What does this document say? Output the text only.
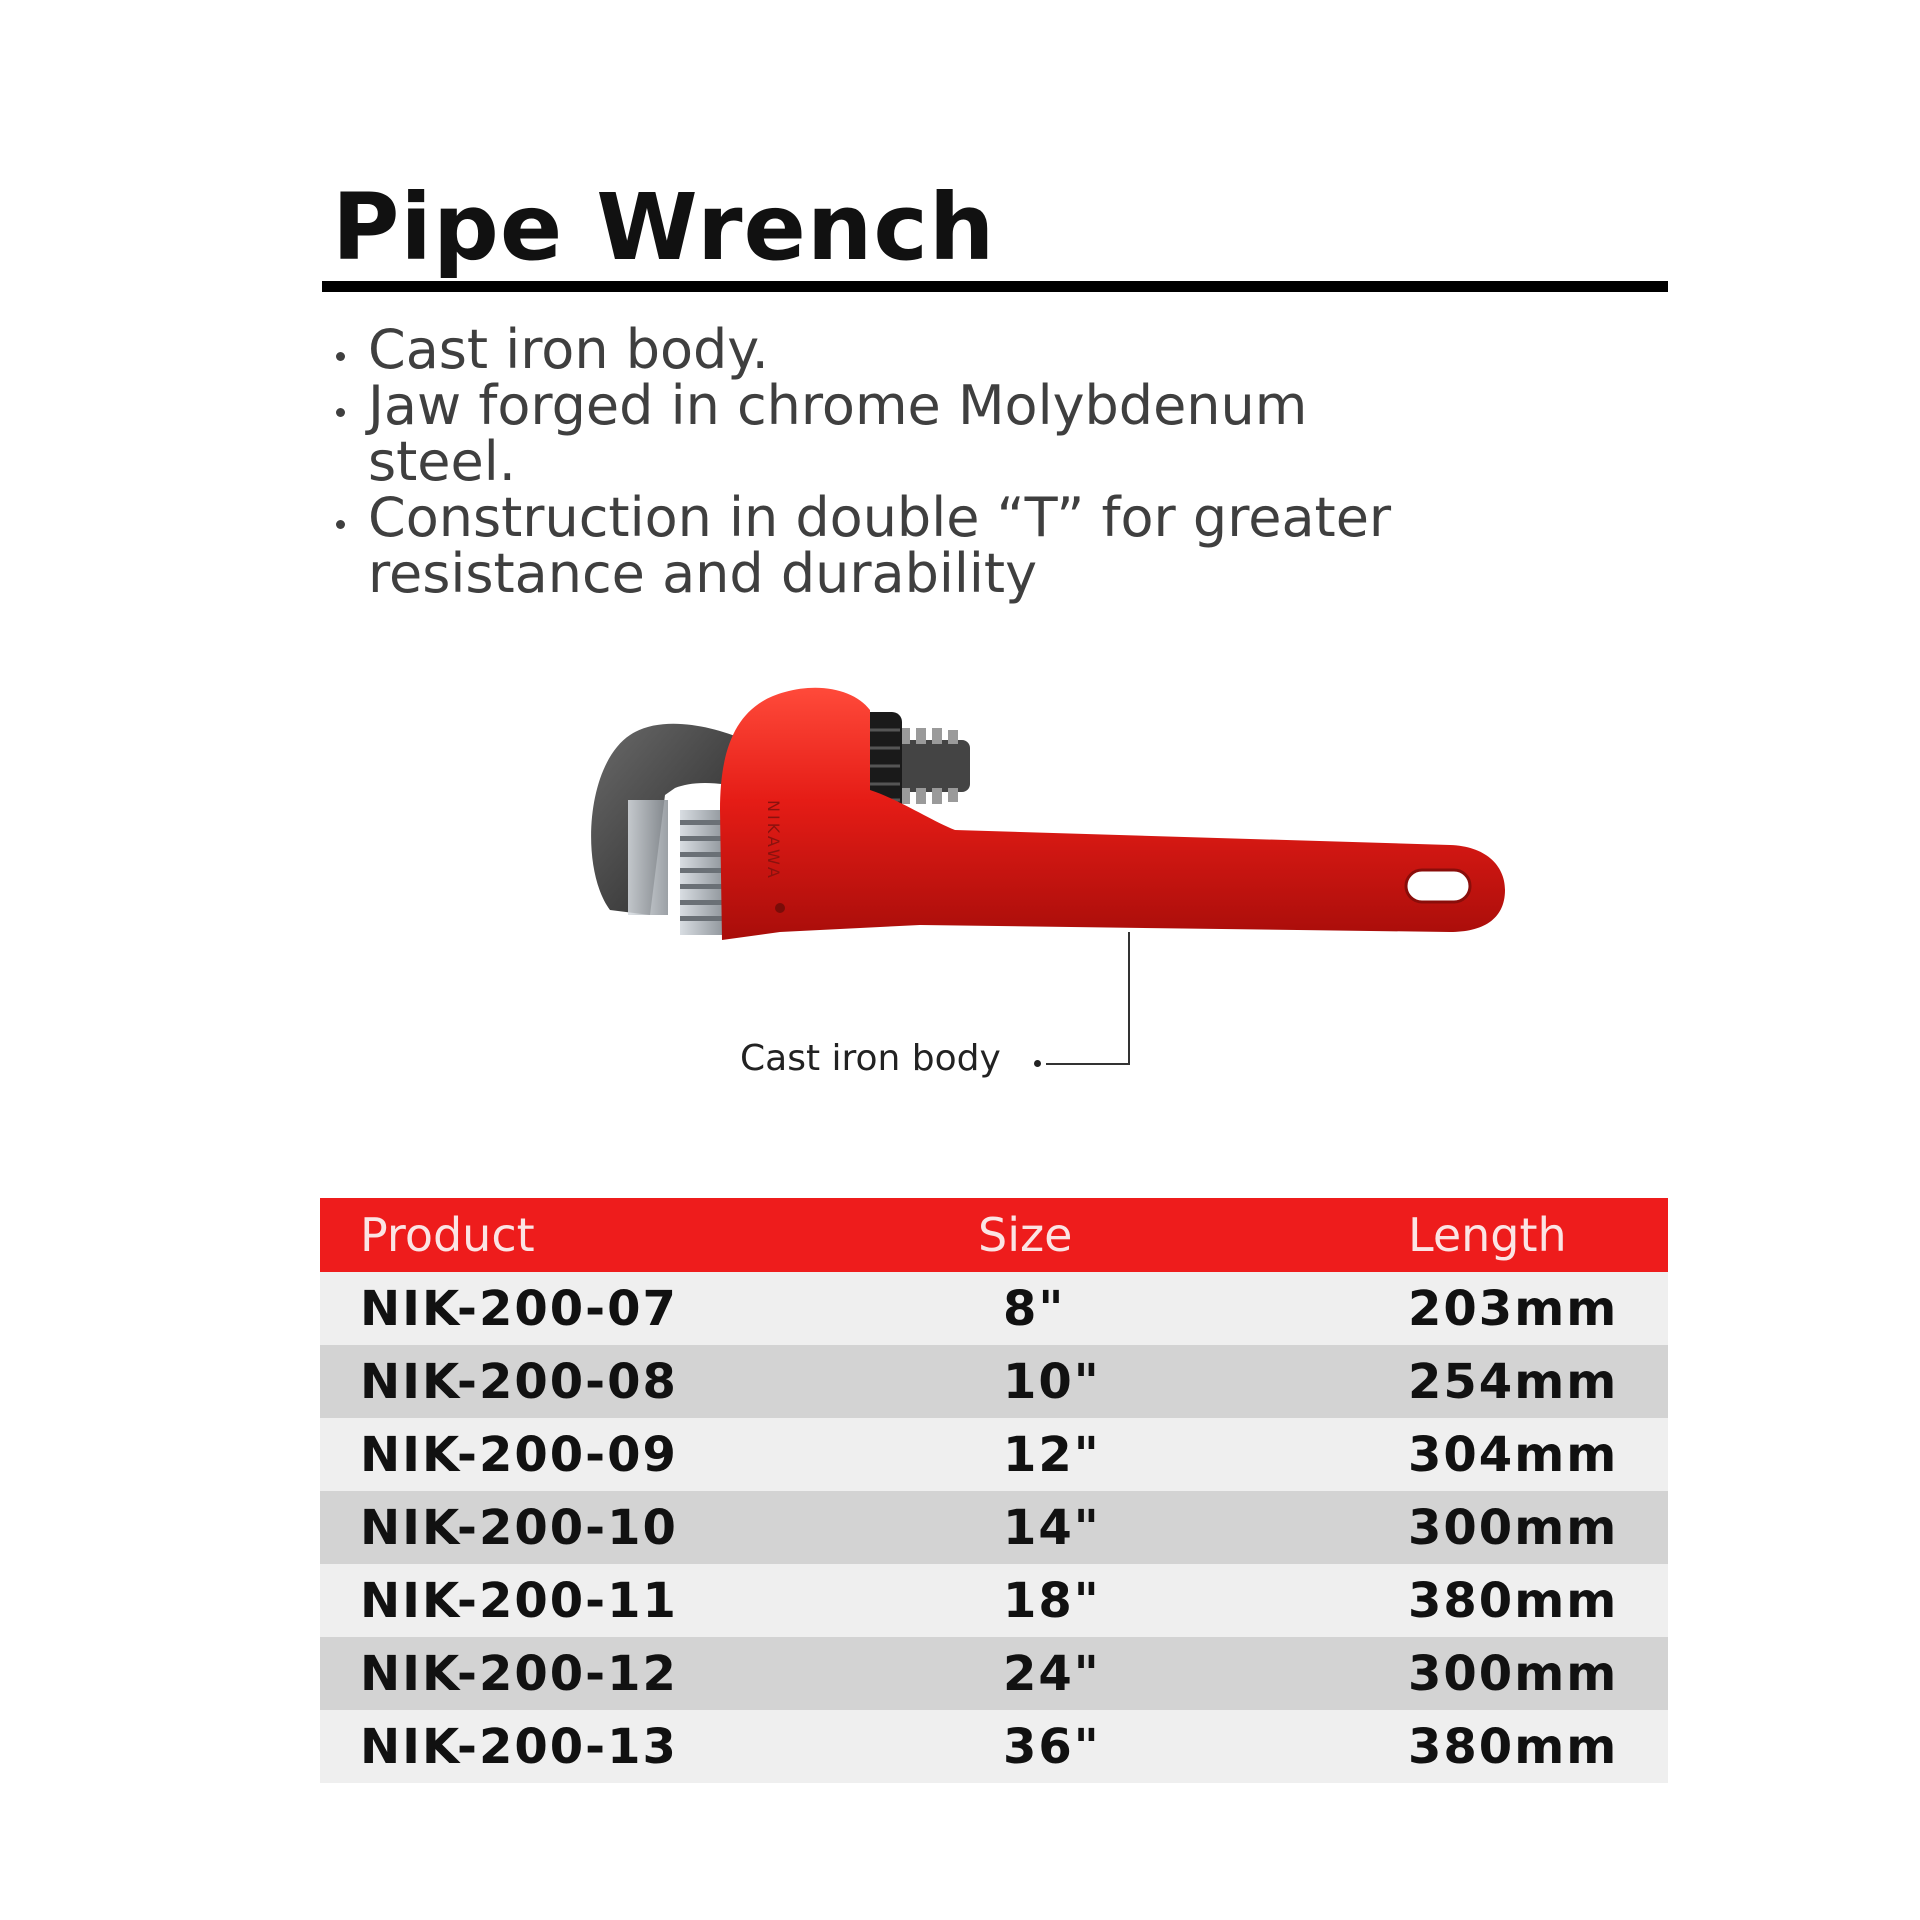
Pipe Wrench
Cast iron body.
Jaw forged in chrome Molybdenum steel.
Construction in double “T” for greater resistance and durability
NIKAWA
Cast iron body
Product	Size	Length
NIK-200-07	8"	203mm
NIK-200-08	10"	254mm
NIK-200-09	12"	304mm
NIK-200-10	14"	300mm
NIK-200-11	18"	380mm
NIK-200-12	24"	300mm
NIK-200-13	36"	380mm
